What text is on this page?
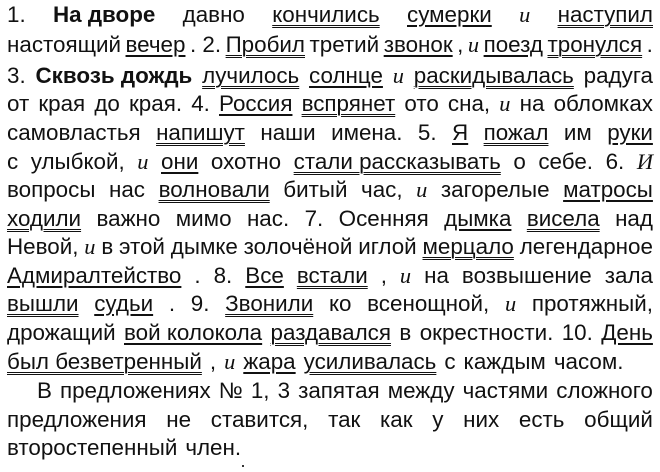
1. На дворе давно кончились сумерки и наступил
настоящий вечер . 2. Пробил третий звонок , и поезд тронулся .
3. Сквозь дождь лучилось солнце и раскидывалась радуга
от края до края. 4. Россия вспрянет ото сна, и на обломках
самовластья напишут наши имена. 5. Я пожал им руки
с улыбкой, и они охотно стали рассказывать о себе. 6. И
вопросы нас волновали битый час, и загорелые матросы
ходили важно мимо нас. 7. Осенняя дымка висела над
Невой, и в этой дымке золочёной иглой мерцало легендарное
Адмиралтейство . 8. Все встали , и на возвышение зала
вышли судьи . 9. Звонили ко всенощной, и протяжный,
дрожащий вой колокола раздавался в окрестности. 10. День
был безветренный , и жара усиливалась с каждым часом.
В предложениях № 1, 3 запятая между частями сложного
предложения не ставится, так как у них есть общий
второстепенный член.
